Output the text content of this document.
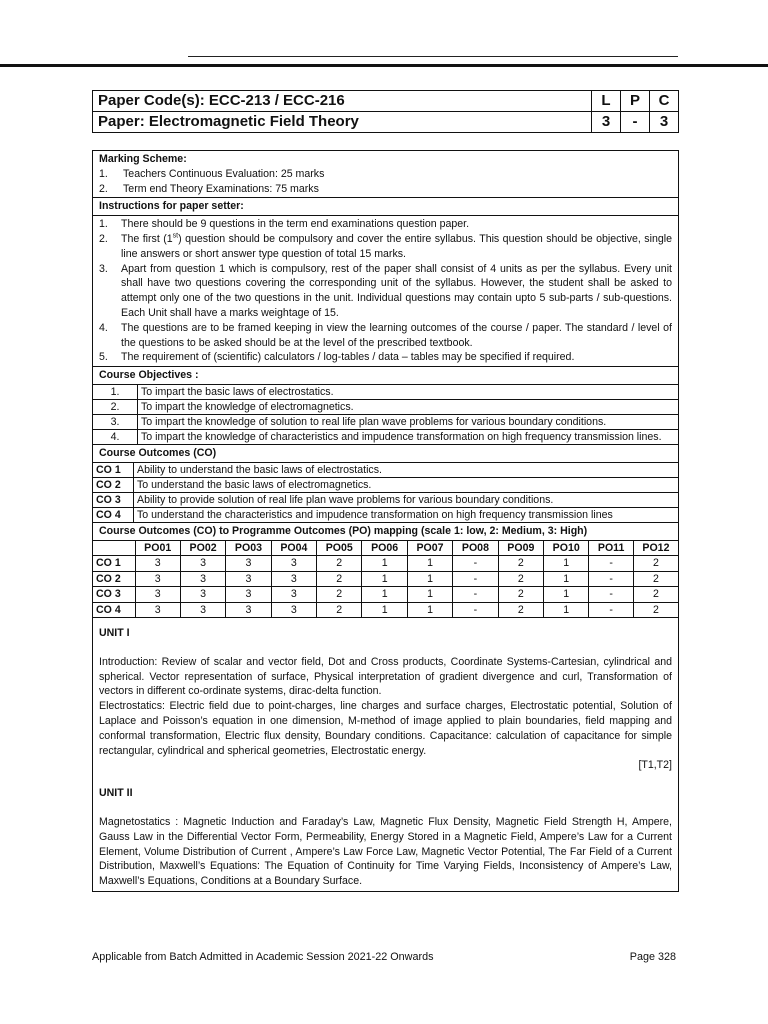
Paper Code(s): ECC-213 / ECC-216	L	P	C
Paper: Electromagnetic Field Theory	3	-	3
Marking Scheme:
1. Teachers Continuous Evaluation: 25 marks
2. Term end Theory Examinations: 75 marks

Instructions for paper setter:

1. There should be 9 questions in the term end examinations question paper.
2. The first (1st) question should be compulsory and cover the entire syllabus. This question should be objective, single line answers or short answer type question of total 15 marks.
3. Apart from question 1 which is compulsory, rest of the paper shall consist of 4 units as per the syllabus. Every unit shall have two questions covering the corresponding unit of the syllabus. However, the student shall be asked to attempt only one of the two questions in the unit. Individual questions may contain upto 5 sub-parts / sub-questions. Each Unit shall have a marks weightage of 15.
4. The questions are to be framed keeping in view the learning outcomes of the course / paper. The standard / level of the questions to be asked should be at the level of the prescribed textbook.
5. The requirement of (scientific) calculators / log-tables / data – tables may be specified if required.

Course Objectives :

1.	To impart the basic laws of electrostatics.
2.	To impart the knowledge of electromagnetics.
3.	To impart the knowledge of solution to real life plan wave problems for various boundary conditions.
4.	To impart the knowledge of characteristics and impudence transformation on high frequency transmission lines.

Course Outcomes (CO)

CO 1	Ability to understand the basic laws of electrostatics.
CO 2	To understand the basic laws of electromagnetics.
CO 3	Ability to provide solution of real life plan wave problems for various boundary conditions.
CO 4	To understand the characteristics and impudence transformation on high frequency transmission lines

Course Outcomes (CO) to Programme Outcomes (PO) mapping (scale 1: low, 2: Medium, 3: High)

	PO01	PO02	PO03	PO04	PO05	PO06	PO07	PO08	PO09	PO10	PO11	PO12
CO 1	3	3	3	3	2	1	1	-	2	1	-	2
CO 2	3	3	3	3	2	1	1	-	2	1	-	2
CO 3	3	3	3	3	2	1	1	-	2	1	-	2
CO 4	3	3	3	3	2	1	1	-	2	1	-	2

UNIT I
Introduction: Review of scalar and vector field, Dot and Cross products, Coordinate Systems-Cartesian, cylindrical and spherical. Vector representation of surface, Physical interpretation of gradient divergence and curl, Transformation of vectors in different co-ordinate systems, dirac-delta function.
Electrostatics: Electric field due to point-charges, line charges and surface charges, Electrostatic potential, Solution of Laplace and Poisson’s equation in one dimension, M-method of image applied to plain boundaries, field mapping and conformal transformation, Electric flux density, Boundary conditions. Capacitance: calculation of capacitance for simple rectangular, cylindrical and spherical geometries, Electrostatic energy.
[T1,T2]
UNIT II
Magnetostatics : Magnetic Induction and Faraday’s Law, Magnetic Flux Density, Magnetic Field Strength H, Ampere, Gauss Law in the Differential Vector Form, Permeability, Energy Stored in a Magnetic Field, Ampere’s Law for a Current Element, Volume Distribution of Current , Ampere’s Law Force Law, Magnetic Vector Potential, The Far Field of a Current Distribution, Maxwell’s Equations: The Equation of Continuity for Time Varying Fields, Inconsistency of Ampere’s Law, Maxwell’s Equations, Conditions at a Boundary Surface.
Applicable from Batch Admitted in Academic Session 2021-22 Onwards	Page 328
